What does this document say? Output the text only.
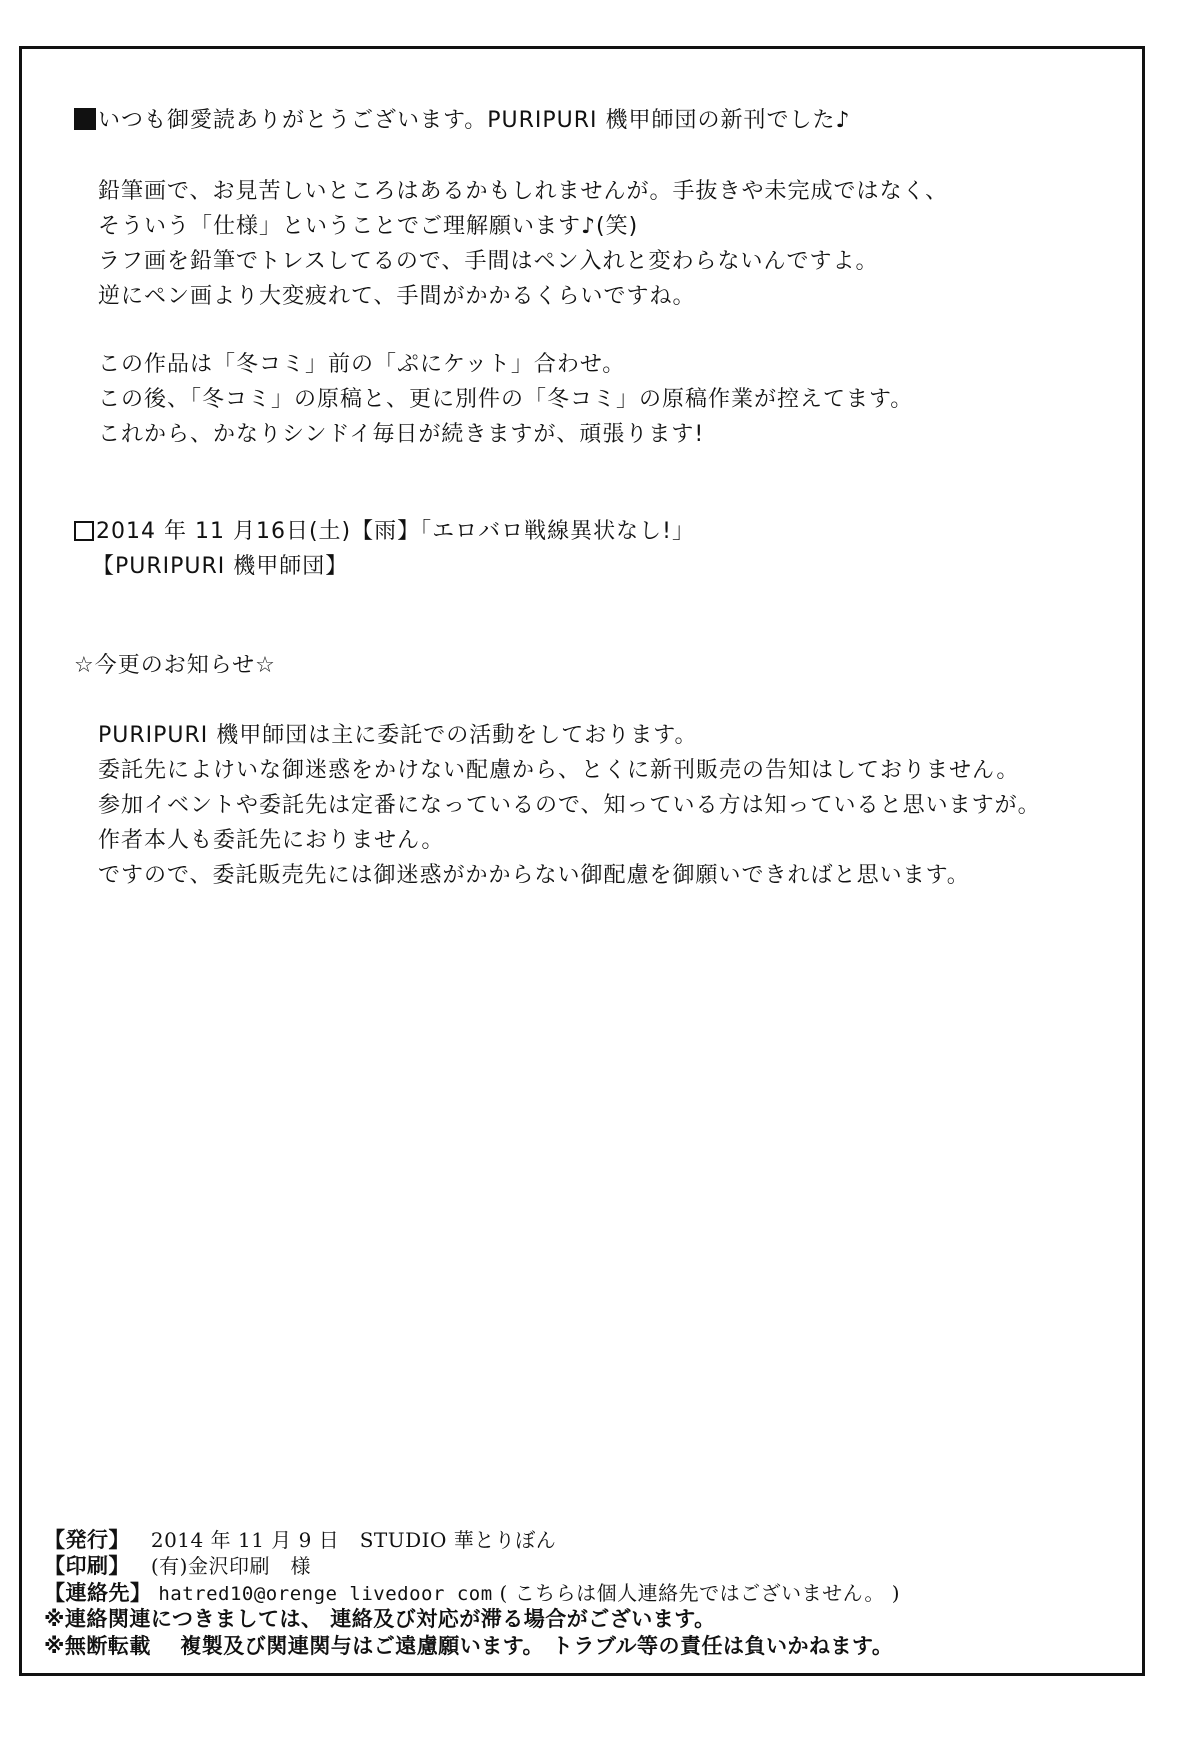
いつも御愛読ありがとうございます。PURIPURI 機甲師団の新刊でした♪
鉛筆画で、お見苦しいところはあるかもしれませんが。手抜きや未完成ではなく、
そういう「仕様」ということでご理解願います♪(笑)
ラフ画を鉛筆でトレスしてるので、手間はペン入れと変わらないんですよ。
逆にペン画より大変疲れて、手間がかかるくらいですね。
この作品は「冬コミ」前の「ぷにケット」合わせ。
この後、「冬コミ」の原稿と、更に別件の「冬コミ」の原稿作業が控えてます。
これから、かなりシンドイ毎日が続きますが、頑張ります!
2014 年 11 月16日(土)【雨】「エロバロ戦線異状なし!」
【PURIPURI 機甲師団】
☆今更のお知らせ☆
PURIPURI 機甲師団は主に委託での活動をしております。
委託先によけいな御迷惑をかけない配慮から、とくに新刊販売の告知はしておりません。
参加イベントや委託先は定番になっているので、知っている方は知っていると思いますが。
作者本人も委託先におりません。
ですので、委託販売先には御迷惑がかからない御配慮を御願いできればと思います。
【発行】 2014 年 11 月 9 日　STUDIO 華とりぼん
【印刷】 (有)金沢印刷　様
【連絡先】 hatred10@orenge livedoor com ( こちらは個人連絡先ではございません。 )
※連絡関連につきましては、 連絡及び対応が滞る場合がございます。
※無断転載　 複製及び関連関与はご遠慮願います。 トラブル等の責任は負いかねます。
